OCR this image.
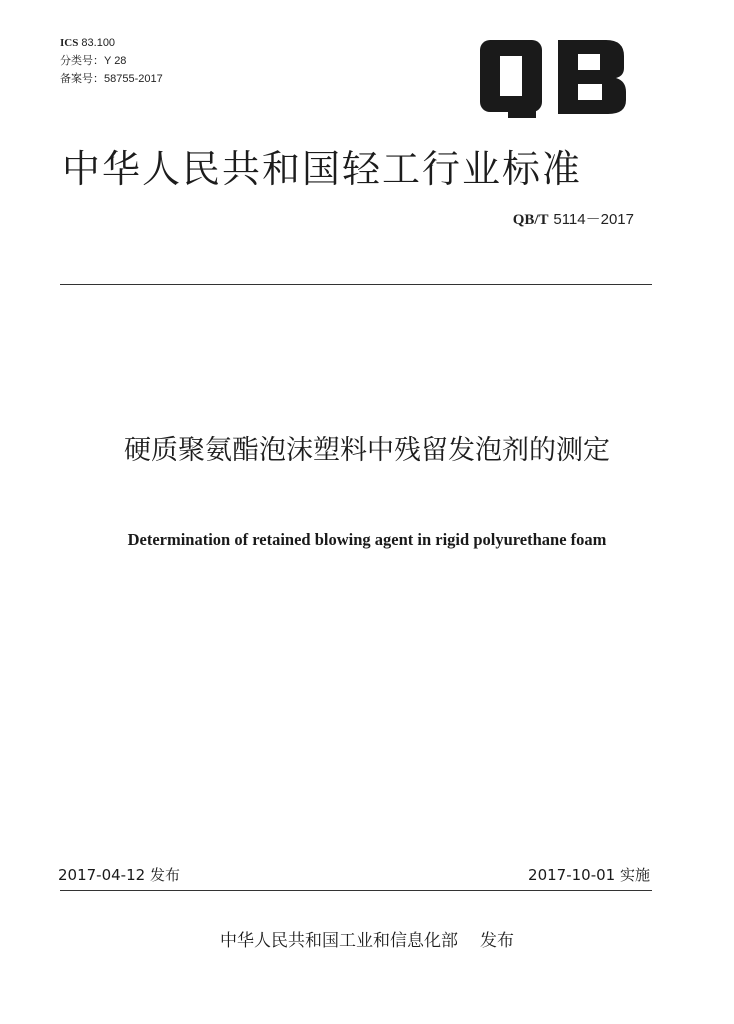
ICS 83.100
分类号：Y 28
备案号：58755-2017
中华人民共和国轻工行业标准
QB/T 5114－2017
硬质聚氨酯泡沫塑料中残留发泡剂的测定
Determination of retained blowing agent in rigid polyurethane foam
2017-04-12 发布	2017-10-01 实施
中华人民共和国工业和信息化部 发布
